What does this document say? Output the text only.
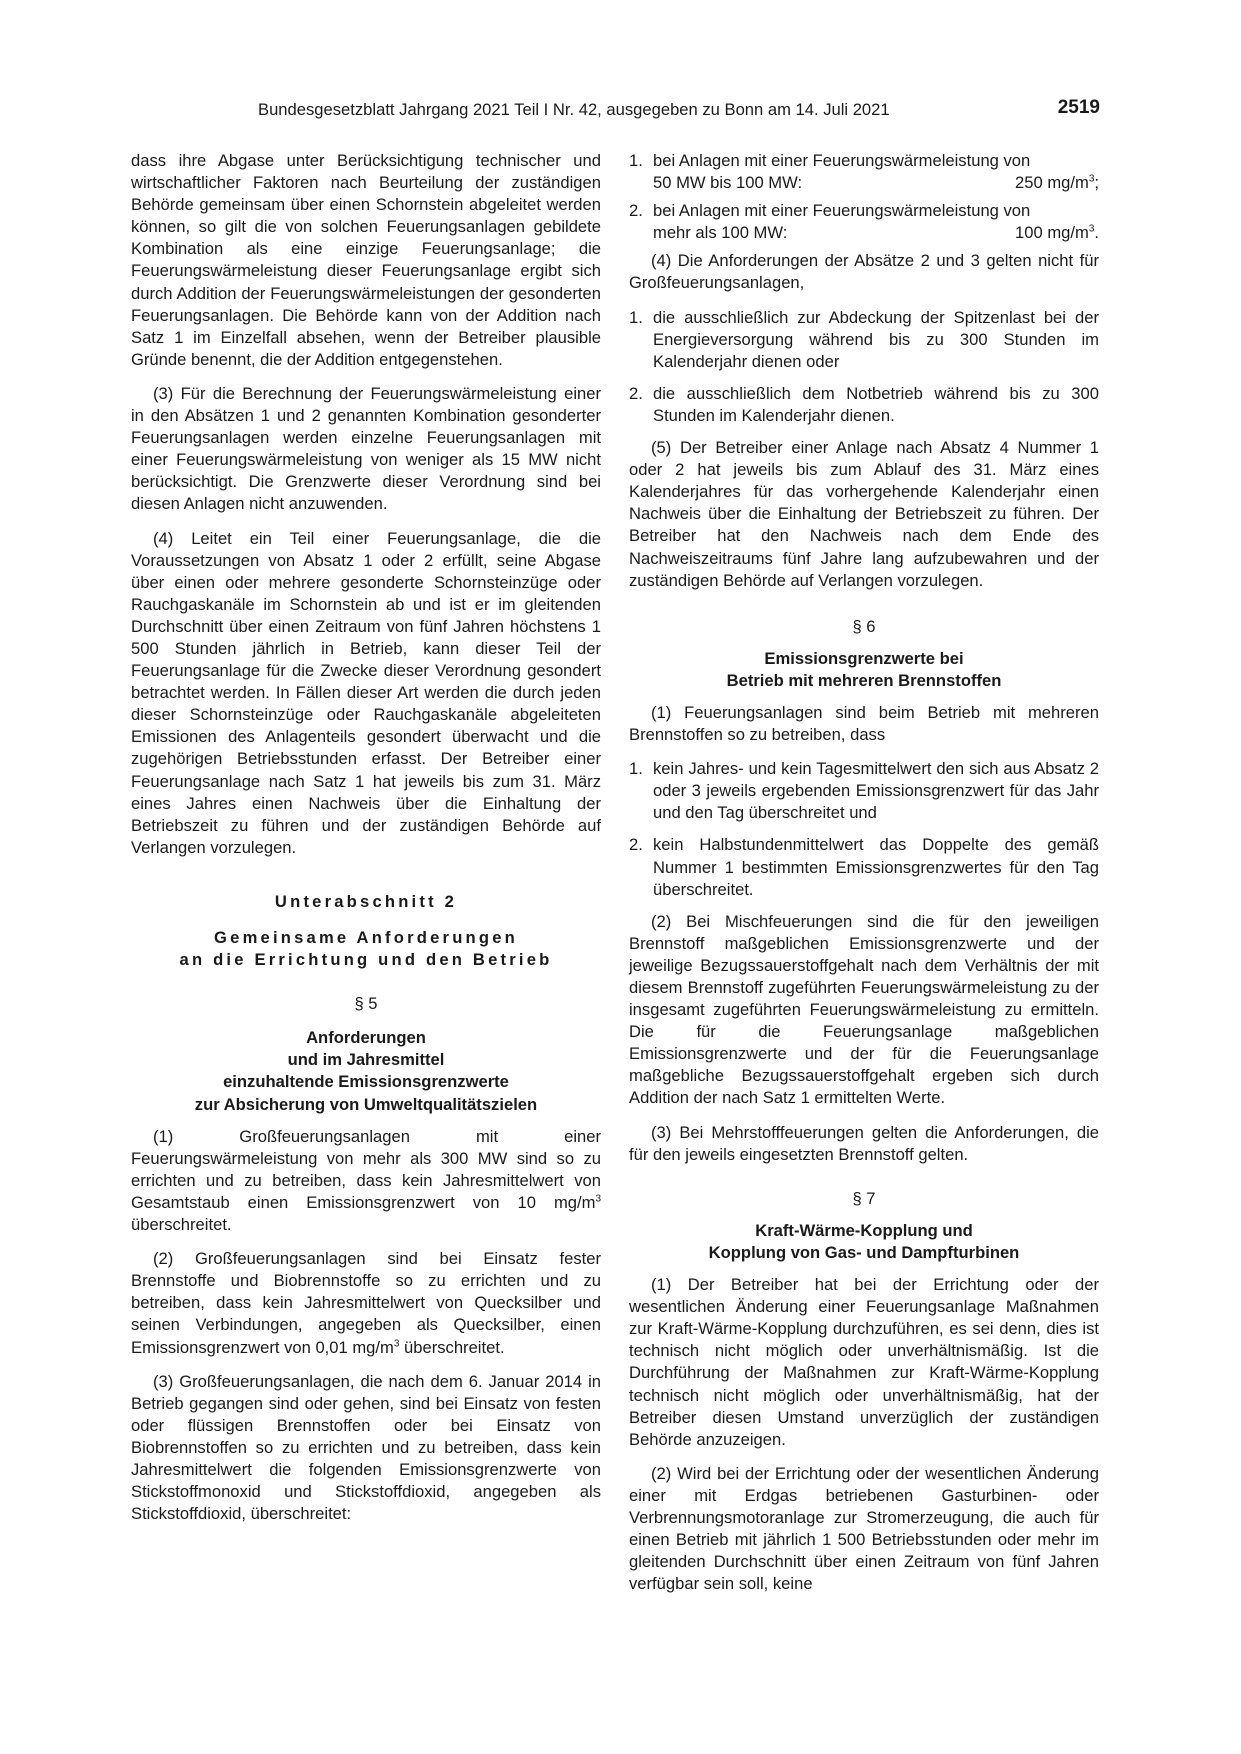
Bundesgesetzblatt Jahrgang 2021 Teil I Nr. 42, ausgegeben zu Bonn am 14. Juli 2021	2519

dass ihre Abgase unter Berücksichtigung technischer und wirtschaftlicher Faktoren nach Beurteilung der zuständigen Behörde gemeinsam über einen Schornstein abgeleitet werden können, so gilt die von solchen Feuerungsanlagen gebildete Kombination als eine einzige Feuerungsanlage; die Feuerungswärmeleistung dieser Feuerungsanlage ergibt sich durch Addition der Feuerungswärmeleistungen der gesonderten Feuerungsanlagen. Die Behörde kann von der Addition nach Satz 1 im Einzelfall absehen, wenn der Betreiber plausible Gründe benennt, die der Addition entgegenstehen.

(3) Für die Berechnung der Feuerungswärmeleistung einer in den Absätzen 1 und 2 genannten Kombination gesonderter Feuerungsanlagen werden einzelne Feuerungsanlagen mit einer Feuerungswärmeleistung von weniger als 15 MW nicht berücksichtigt. Die Grenzwerte dieser Verordnung sind bei diesen Anlagen nicht anzuwenden.

(4) Leitet ein Teil einer Feuerungsanlage, die die Voraussetzungen von Absatz 1 oder 2 erfüllt, seine Abgase über einen oder mehrere gesonderte Schornsteinzüge oder Rauchgaskanäle im Schornstein ab und ist er im gleitenden Durchschnitt über einen Zeitraum von fünf Jahren höchstens 1 500 Stunden jährlich in Betrieb, kann dieser Teil der Feuerungsanlage für die Zwecke dieser Verordnung gesondert betrachtet werden. In Fällen dieser Art werden die durch jeden dieser Schornsteinzüge oder Rauchgaskanäle abgeleiteten Emissionen des Anlagenteils gesondert überwacht und die zugehörigen Betriebsstunden erfasst. Der Betreiber einer Feuerungsanlage nach Satz 1 hat jeweils bis zum 31. März eines Jahres einen Nachweis über die Einhaltung der Betriebszeit zu führen und der zuständigen Behörde auf Verlangen vorzulegen.

Unterabschnitt 2
Gemeinsame Anforderungen
an die Errichtung und den Betrieb
§ 5
Anforderungen
und im Jahresmittel
einzuhaltende Emissionsgrenzwerte
zur Absicherung von Umweltqualitätszielen

(1) Großfeuerungsanlagen mit einer Feuerungswärmeleistung von mehr als 300 MW sind so zu errichten und zu betreiben, dass kein Jahresmittelwert von Gesamtstaub einen Emissionsgrenzwert von 10 $mg/m^3$ überschreitet.

(2) Großfeuerungsanlagen sind bei Einsatz fester Brennstoffe und Biobrennstoffe so zu errichten und zu betreiben, dass kein Jahresmittelwert von Quecksilber und seinen Verbindungen, angegeben als Quecksilber, einen Emissionsgrenzwert von 0,01 $mg/m^3$ überschreitet.

(3) Großfeuerungsanlagen, die nach dem 6. Januar 2014 in Betrieb gegangen sind oder gehen, sind bei Einsatz von festen oder flüssigen Brennstoffen oder bei Einsatz von Biobrennstoffen so zu errichten und zu betreiben, dass kein Jahresmittelwert die folgenden Emissionsgrenzwerte von Stickstoffmonoxid und Stickstoffdioxid, angegeben als Stickstoffdioxid, überschreitet:

1. bei Anlagen mit einer Feuerungswärmeleistung von
50 MW bis 100 MW:	250 $mg/m^3$;
2. bei Anlagen mit einer Feuerungswärmeleistung von
mehr als 100 MW:	100 $mg/m^3$.

(4) Die Anforderungen der Absätze 2 und 3 gelten nicht für Großfeuerungsanlagen,

1. die ausschließlich zur Abdeckung der Spitzenlast bei der Energieversorgung während bis zu 300 Stunden im Kalenderjahr dienen oder
2. die ausschließlich dem Notbetrieb während bis zu 300 Stunden im Kalenderjahr dienen.

(5) Der Betreiber einer Anlage nach Absatz 4 Nummer 1 oder 2 hat jeweils bis zum Ablauf des 31. März eines Kalenderjahres für das vorhergehende Kalenderjahr einen Nachweis über die Einhaltung der Betriebszeit zu führen. Der Betreiber hat den Nachweis nach dem Ende des Nachweiszeitraums fünf Jahre lang aufzubewahren und der zuständigen Behörde auf Verlangen vorzulegen.

§ 6
Emissionsgrenzwerte bei
Betrieb mit mehreren Brennstoffen

(1) Feuerungsanlagen sind beim Betrieb mit mehreren Brennstoffen so zu betreiben, dass

1. kein Jahres- und kein Tagesmittelwert den sich aus Absatz 2 oder 3 jeweils ergebenden Emissionsgrenzwert für das Jahr und den Tag überschreitet und
2. kein Halbstundenmittelwert das Doppelte des gemäß Nummer 1 bestimmten Emissionsgrenzwertes für den Tag überschreitet.

(2) Bei Mischfeuerungen sind die für den jeweiligen Brennstoff maßgeblichen Emissionsgrenzwerte und der jeweilige Bezugssauerstoffgehalt nach dem Verhältnis der mit diesem Brennstoff zugeführten Feuerungswärmeleistung zu der insgesamt zugeführten Feuerungswärmeleistung zu ermitteln. Die für die Feuerungsanlage maßgeblichen Emissionsgrenzwerte und der für die Feuerungsanlage maßgebliche Bezugssauerstoffgehalt ergeben sich durch Addition der nach Satz 1 ermittelten Werte.

(3) Bei Mehrstofffeuerungen gelten die Anforderungen, die für den jeweils eingesetzten Brennstoff gelten.

§ 7
Kraft-Wärme-Kopplung und
Kopplung von Gas- und Dampfturbinen

(1) Der Betreiber hat bei der Errichtung oder der wesentlichen Änderung einer Feuerungsanlage Maßnahmen zur Kraft-Wärme-Kopplung durchzuführen, es sei denn, dies ist technisch nicht möglich oder unverhältnismäßig. Ist die Durchführung der Maßnahmen zur Kraft-Wärme-Kopplung technisch nicht möglich oder unverhältnismäßig, hat der Betreiber diesen Umstand unverzüglich der zuständigen Behörde anzuzeigen.

(2) Wird bei der Errichtung oder der wesentlichen Änderung einer mit Erdgas betriebenen Gasturbinen- oder Verbrennungsmotoranlage zur Stromerzeugung, die auch für einen Betrieb mit jährlich 1 500 Betriebsstunden oder mehr im gleitenden Durchschnitt über einen Zeitraum von fünf Jahren verfügbar sein soll, keine
